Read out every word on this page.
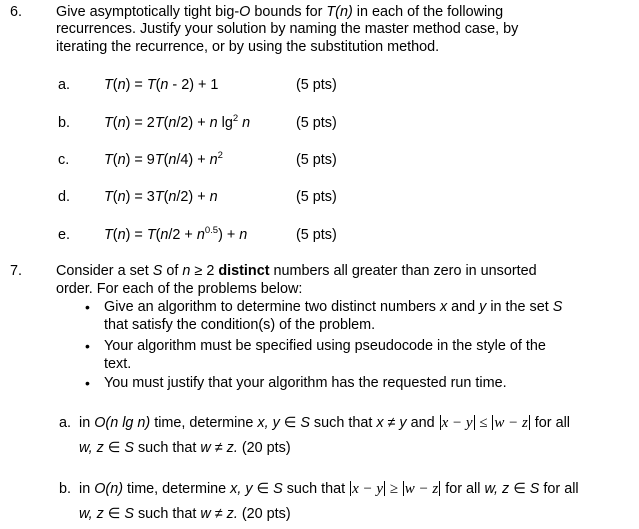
6. Give asymptotically tight big-O bounds for T(n) in each of the following
recurrences. Justify your solution by naming the master method case, by
iterating the recurrence, or by using the substitution method.
a. T(n) = T(n - 2) + 1	(5 pts)
b. T(n) = 2T(n/2) + n $\lg^2 n$	(5 pts)
c. $T(n) = 9T(n/4) + n^2$	(5 pts)
d. T(n) = 3T(n/2) + n	(5 pts)
e. $T(n) = T(n/2 + n^{0.5}) + n$	(5 pts)
7. Consider a set S of n ≥ 2 distinct numbers all greater than zero in unsorted
order. For each of the problems below:
• Give an algorithm to determine two distinct numbers x and y in the set S
that satisfy the condition(s) of the problem.
• Your algorithm must be specified using pseudocode in the style of the
text.
• You must justify that your algorithm has the requested run time.
a. in O(n lg n) time, determine x, y ∈ S such that x ≠ y and x − y ≤ w − z for all
w, z ∈ S such that w ≠ z. (20 pts)
b. in O(n) time, determine x, y ∈ S such that x − y ≥ w − z for all w, z ∈ S for all
w, z ∈ S such that w ≠ z. (20 pts)
